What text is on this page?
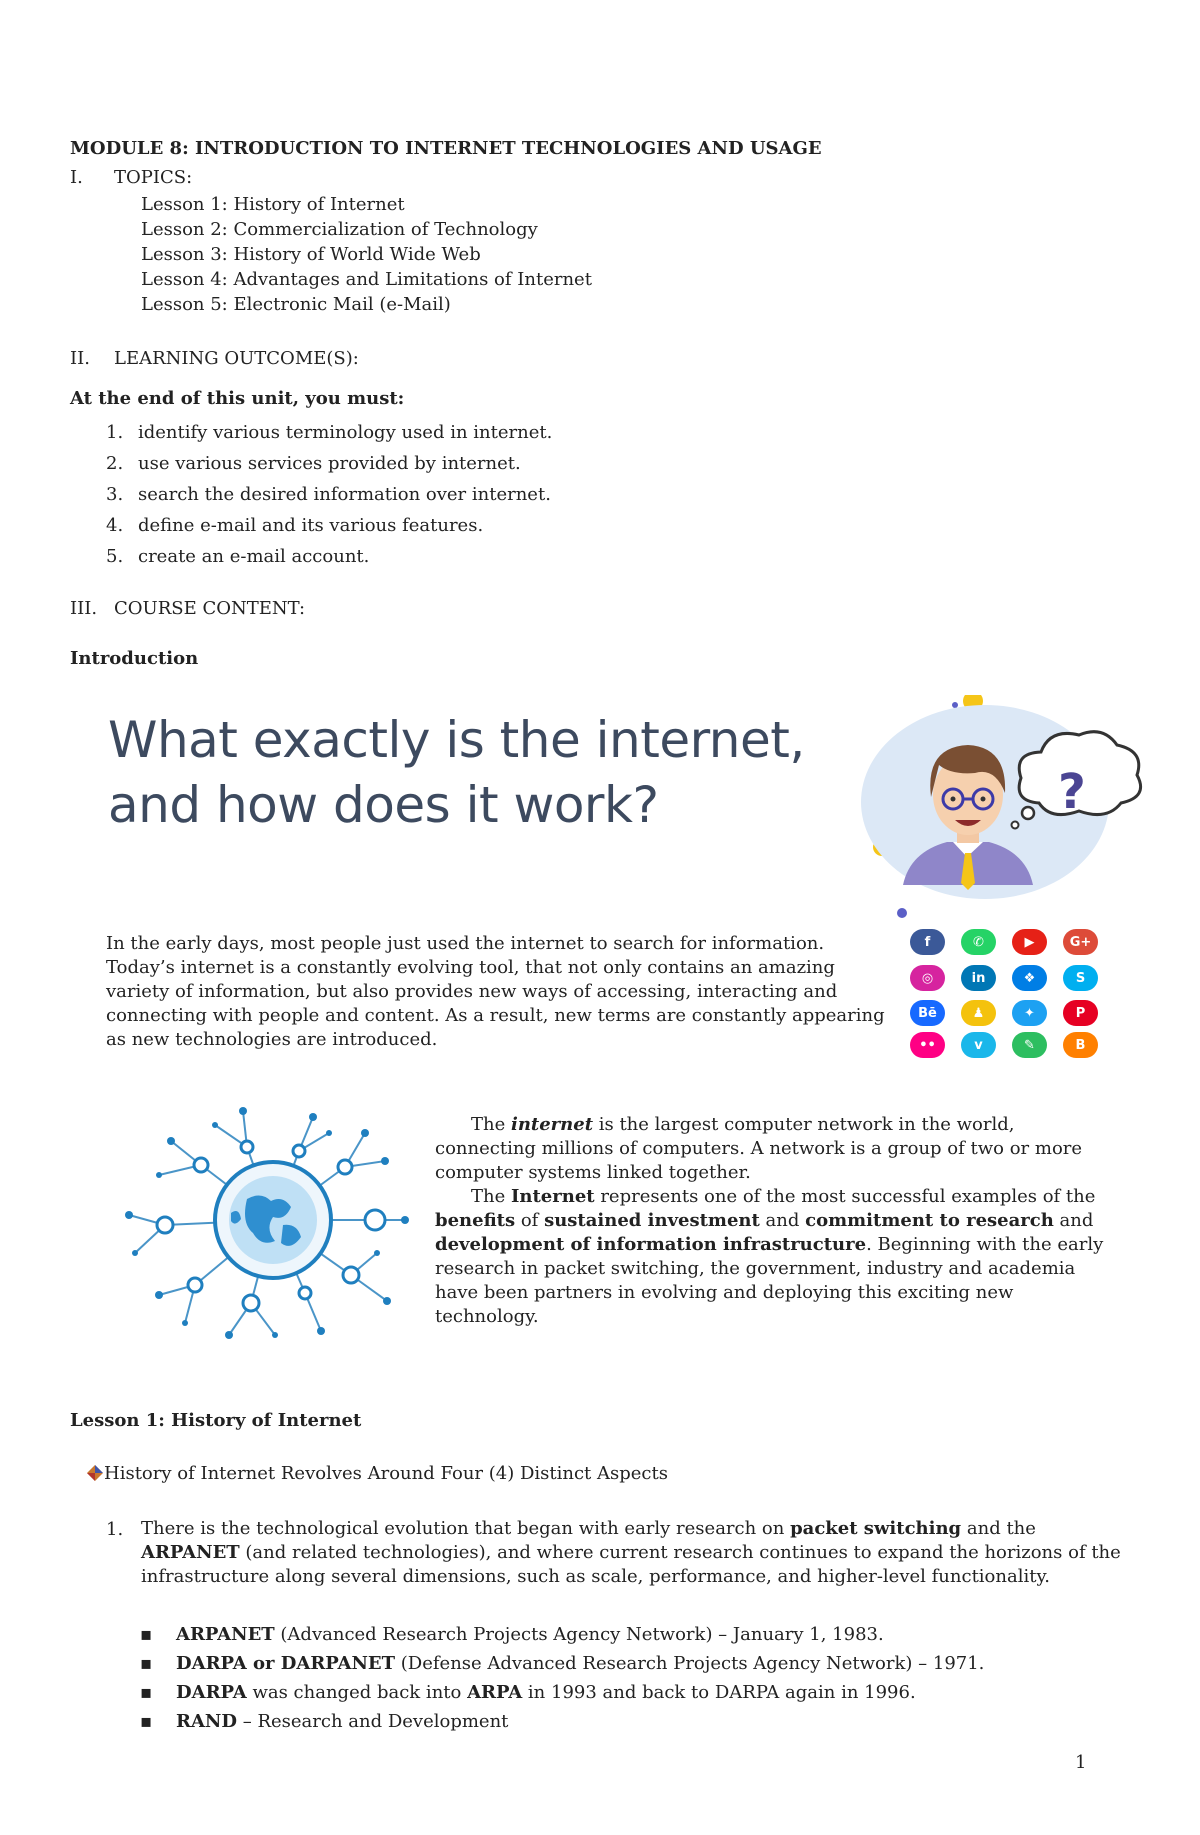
MODULE 8: INTRODUCTION TO INTERNET TECHNOLOGIES AND USAGE
I. TOPICS:
Lesson 1: History of Internet
Lesson 2: Commercialization of Technology
Lesson 3: History of World Wide Web
Lesson 4: Advantages and Limitations of Internet
Lesson 5: Electronic Mail (e-Mail)
II. LEARNING OUTCOME(S):
At the end of this unit, you must:
1. identify various terminology used in internet.
2. use various services provided by internet.
3. search the desired information over internet.
4. define e-mail and its various features.
5. create an e-mail account.
III. COURSE CONTENT:
Introduction
What exactly is the internet,
and how does it work?	?
In the early days, most people just used the internet to search for information. Today’s internet is a constantly evolving tool, that not only contains an amazing variety of information, but also provides new ways of accessing, interacting and connecting with people and content. As a result, new terms are constantly appearing as new technologies are introduced.
f	✆	▶	G+
◎	in	❖	S
Bē	♟	✦	P
••	v	✎	B

The internet is the largest computer network in the world, connecting millions of computers. A network is a group of two or more computer systems linked together.

The Internet represents one of the most successful examples of the benefits of sustained investment and commitment to research and development of information infrastructure. Beginning with the early research in packet switching, the government, industry and academia have been partners in evolving and deploying this exciting new technology.

Lesson 1: History of Internet
History of Internet Revolves Around Four (4) Distinct Aspects
1. There is the technological evolution that began with early research on packet switching and the ARPANET (and related technologies), and where current research continues to expand the horizons of the infrastructure along several dimensions, such as scale, performance, and higher-level functionality.
▪ ARPANET (Advanced Research Projects Agency Network) – January 1, 1983.
▪ DARPA or DARPANET (Defense Advanced Research Projects Agency Network) – 1971.
▪ DARPA was changed back into ARPA in 1993 and back to DARPA again in 1996.
▪ RAND – Research and Development
1
